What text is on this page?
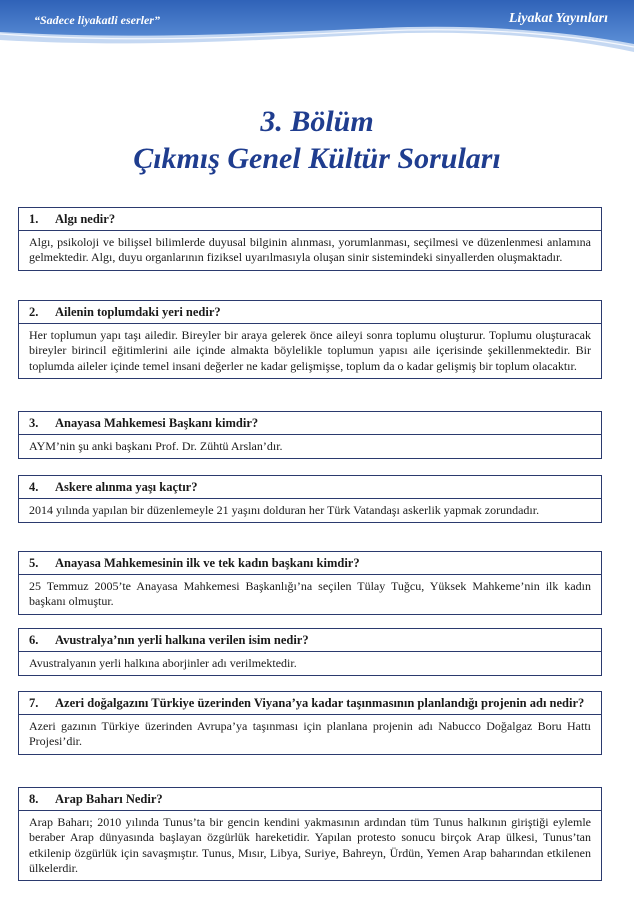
“Sadece liyakatli eserler”	Liyakat Yayınları
3. Bölüm
Çıkmış Genel Kültür Soruları
1.	Algı nedir?
Algı, psikoloji ve bilişsel bilimlerde duyusal bilginin alınması, yorumlanması, seçilmesi ve düzenlenmesi anlamına gelmektedir. Algı, duyu organlarının fiziksel uyarılmasıyla oluşan sinir sistemindeki sinyallerden oluşmaktadır.
2.	Ailenin toplumdaki yeri nedir?
Her toplumun yapı taşı ailedir. Bireyler bir araya gelerek önce aileyi sonra toplumu oluşturur. Toplumu oluşturacak bireyler birincil eğitimlerini aile içinde almakta böylelikle toplumun yapısı aile içerisinde şekillenmektedir. Bir toplumda aileler içinde temel insani değerler ne kadar gelişmişse, toplum da o kadar gelişmiş bir toplum olacaktır.
3.	Anayasa Mahkemesi Başkanı kimdir?
AYM’nin şu anki başkanı Prof. Dr. Zühtü Arslan’dır.
4.	Askere alınma yaşı kaçtır?
2014 yılında yapılan bir düzenlemeyle 21 yaşını dolduran her Türk Vatandaşı askerlik yapmak zorundadır.
5.	Anayasa Mahkemesinin ilk ve tek kadın başkanı kimdir?
25 Temmuz 2005’te Anayasa Mahkemesi Başkanlığı’na seçilen Tülay Tuğcu, Yüksek Mahkeme’nin ilk kadın başkanı olmuştur.
6.	Avustralya’nın yerli halkına verilen isim nedir?
Avustralyanın yerli halkına aborjinler adı verilmektedir.
7.	Azeri doğalgazını Türkiye üzerinden Viyana’ya kadar taşınmasının planlandığı projenin adı nedir?
Azeri gazının Türkiye üzerinden Avrupa’ya taşınması için planlana projenin adı Nabucco Doğalgaz Boru Hattı Projesi’dir.
8.	Arap Baharı Nedir?
Arap Baharı; 2010 yılında Tunus’ta bir gencin kendini yakmasının ardından tüm Tunus halkının giriştiği eylemle beraber Arap dünyasında başlayan özgürlük hareketidir. Yapılan protesto sonucu birçok Arap ülkesi, Tunus’tan etkilenip özgürlük için savaşmıştır. Tunus, Mısır, Libya, Suriye, Bahreyn, Ürdün, Yemen Arap baharından etkilenen ülkelerdir.
